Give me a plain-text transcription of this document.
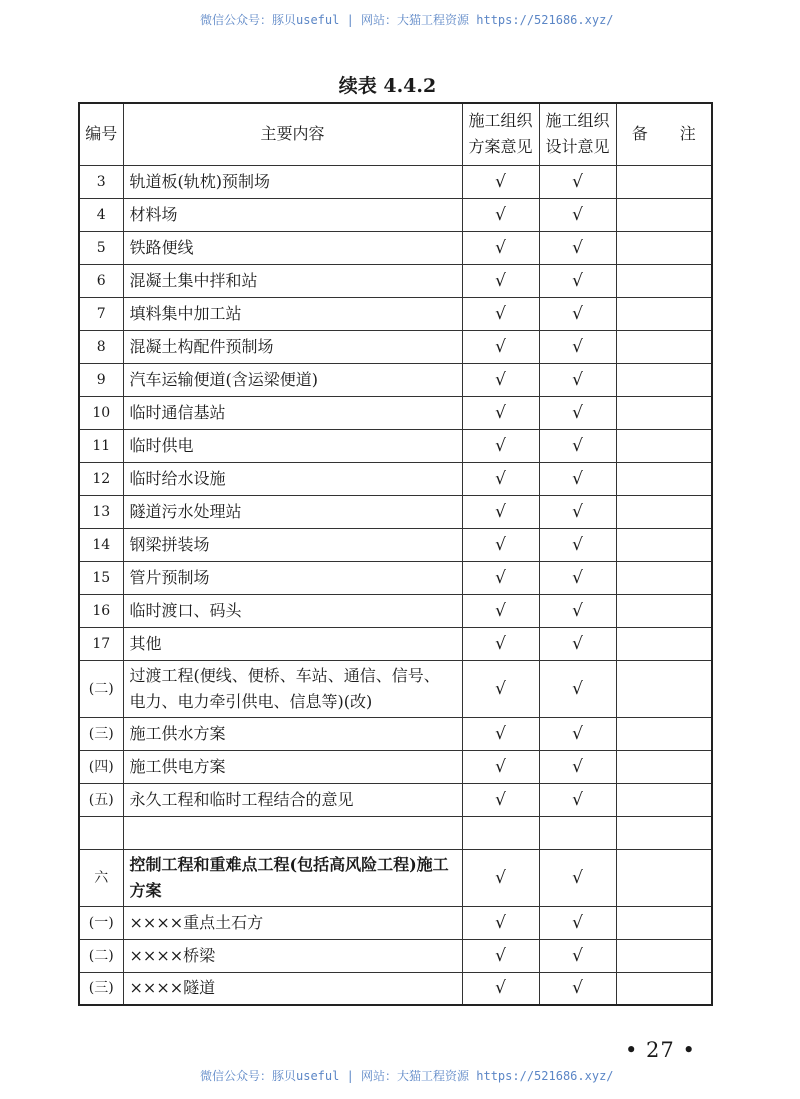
微信公众号：豚贝useful | 网站：大猫工程资源 https://521686.xyz/
续表 4.4.2
编号	主要内容	施工组织方案意见	施工组织设计意见	备　　注
3	轨道板(轨枕)预制场	√	√	
4	材料场	√	√	
5	铁路便线	√	√	
6	混凝土集中拌和站	√	√	
7	填料集中加工站	√	√	
8	混凝土构配件预制场	√	√	
9	汽车运输便道(含运梁便道)	√	√	
10	临时通信基站	√	√	
11	临时供电	√	√	
12	临时给水设施	√	√	
13	隧道污水处理站	√	√	
14	钢梁拼装场	√	√	
15	管片预制场	√	√	
16	临时渡口、码头	√	√	
17	其他	√	√	
(二)	过渡工程(便线、便桥、车站、通信、信号、电力、电力牵引供电、信息等)(改)	√	√	
(三)	施工供水方案	√	√	
(四)	施工供电方案	√	√	
(五)	永久工程和临时工程结合的意见	√	√	

六	控制工程和重难点工程(包括高风险工程)施工方案	√	√	
(一)	××××重点土石方	√	√	
(二)	××××桥梁	√	√	
(三)	××××隧道	√	√	
• 27 •
微信公众号：豚贝useful | 网站：大猫工程资源 https://521686.xyz/
